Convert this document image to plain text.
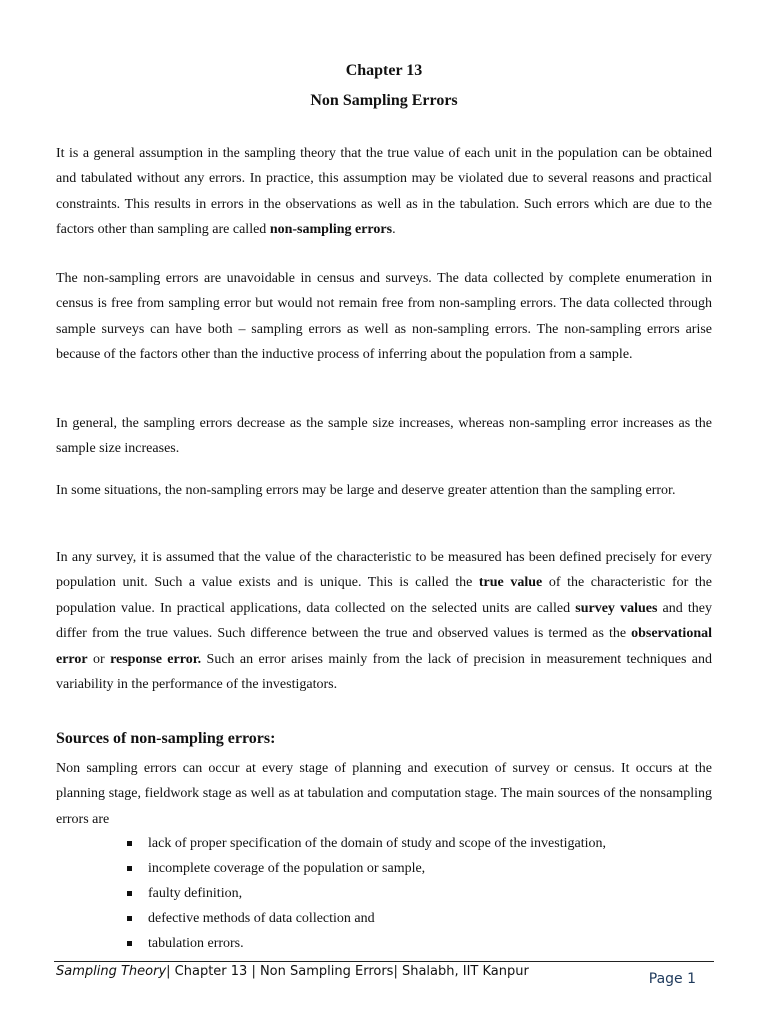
Chapter 13
Non Sampling Errors

It is a general assumption in the sampling theory that the true value of each unit in the population can be obtained and tabulated without any errors. In practice, this assumption may be violated due to several reasons and practical constraints. This results in errors in the observations as well as in the tabulation. Such errors which are due to the factors other than sampling are called non-sampling errors.

The non-sampling errors are unavoidable in census and surveys. The data collected by complete enumeration in census is free from sampling error but would not remain free from non-sampling errors. The data collected through sample surveys can have both – sampling errors as well as non-sampling errors. The non-sampling errors arise because of the factors other than the inductive process of inferring about the population from a sample.

In general, the sampling errors decrease as the sample size increases, whereas non-sampling error increases as the sample size increases.

In some situations, the non-sampling errors may be large and deserve greater attention than the sampling error.

In any survey, it is assumed that the value of the characteristic to be measured has been defined precisely for every population unit. Such a value exists and is unique. This is called the true value of the characteristic for the population value. In practical applications, data collected on the selected units are called survey values and they differ from the true values. Such difference between the true and observed values is termed as the observational error or response error. Such an error arises mainly from the lack of precision in measurement techniques and variability in the performance of the investigators.

Sources of non-sampling errors:

Non sampling errors can occur at every stage of planning and execution of survey or census. It occurs at the planning stage, fieldwork stage as well as at tabulation and computation stage. The main sources of the nonsampling errors are

lack of proper specification of the domain of study and scope of the investigation,
incomplete coverage of the population or sample,
faulty definition,
defective methods of data collection and
tabulation errors.
Sampling Theory| Chapter 13 | Non Sampling Errors| Shalabh, IIT Kanpur	Page 1
